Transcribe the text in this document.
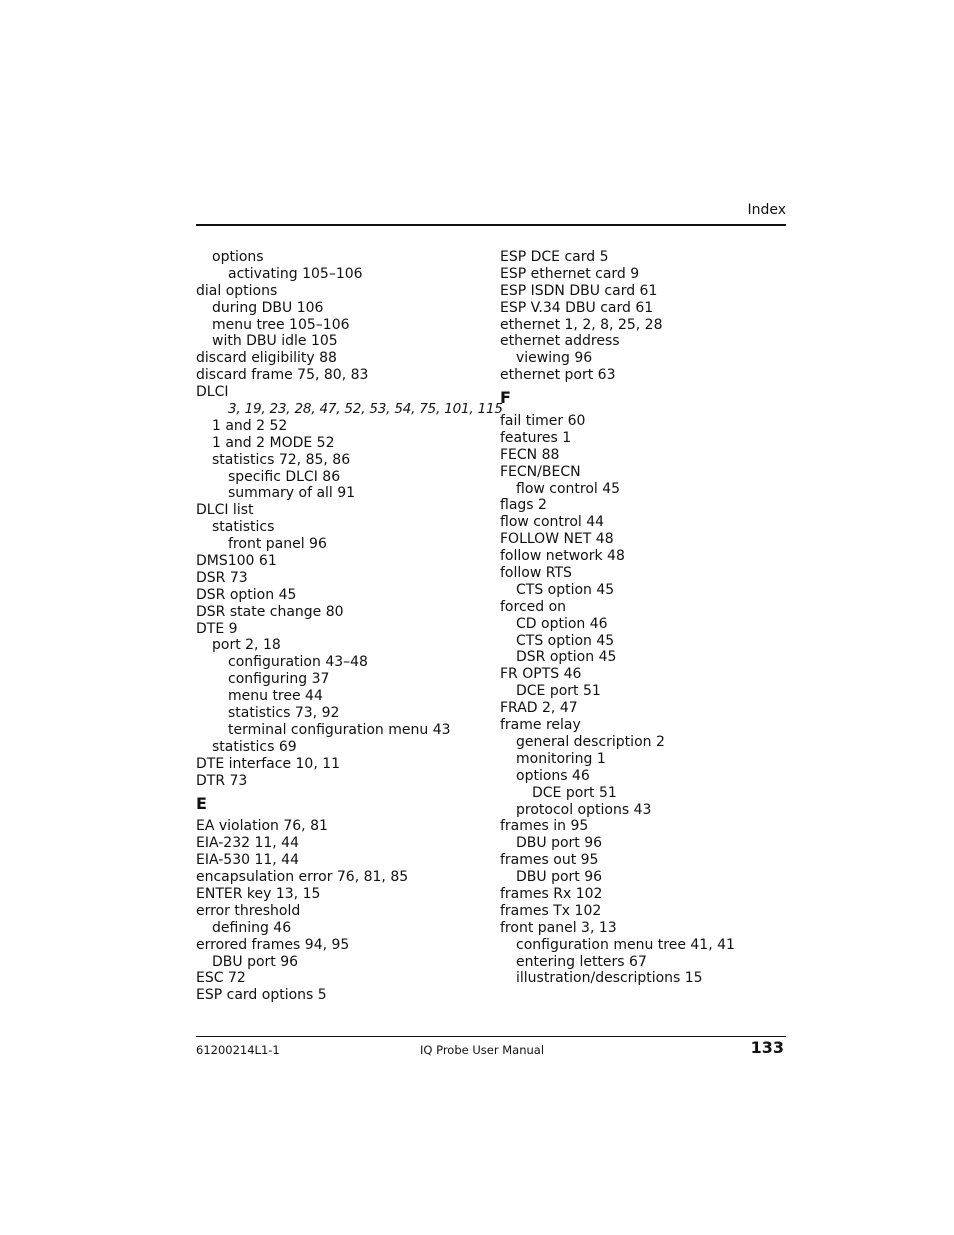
Index
options
activating 105–106
dial options
during DBU 106
menu tree 105–106
with DBU idle 105
discard eligibility 88
discard frame 75, 80, 83
DLCI
3, 19, 23, 28, 47, 52, 53, 54, 75, 101, 115
1 and 2 52
1 and 2 MODE 52
statistics 72, 85, 86
specific DLCI 86
summary of all 91
DLCI list
statistics
front panel 96
DMS100 61
DSR 73
DSR option 45
DSR state change 80
DTE 9
port 2, 18
configuration 43–48
configuring 37
menu tree 44
statistics 73, 92
terminal configuration menu 43
statistics 69
DTE interface 10, 11
DTR 73
E
EA violation 76, 81
EIA-232 11, 44
EIA-530 11, 44
encapsulation error 76, 81, 85
ENTER key 13, 15
error threshold
defining 46
errored frames 94, 95
DBU port 96
ESC 72
ESP card options 5
ESP DCE card 5
ESP ethernet card 9
ESP ISDN DBU card 61
ESP V.34 DBU card 61
ethernet 1, 2, 8, 25, 28
ethernet address
viewing 96
ethernet port 63
F
fail timer 60
features 1
FECN 88
FECN/BECN
flow control 45
flags 2
flow control 44
FOLLOW NET 48
follow network 48
follow RTS
CTS option 45
forced on
CD option 46
CTS option 45
DSR option 45
FR OPTS 46
DCE port 51
FRAD 2, 47
frame relay
general description 2
monitoring 1
options 46
DCE port 51
protocol options 43
frames in 95
DBU port 96
frames out 95
DBU port 96
frames Rx 102
frames Tx 102
front panel 3, 13
configuration menu tree 41, 41
entering letters 67
illustration/descriptions 15
61200214L1-1	IQ Probe User Manual	133
